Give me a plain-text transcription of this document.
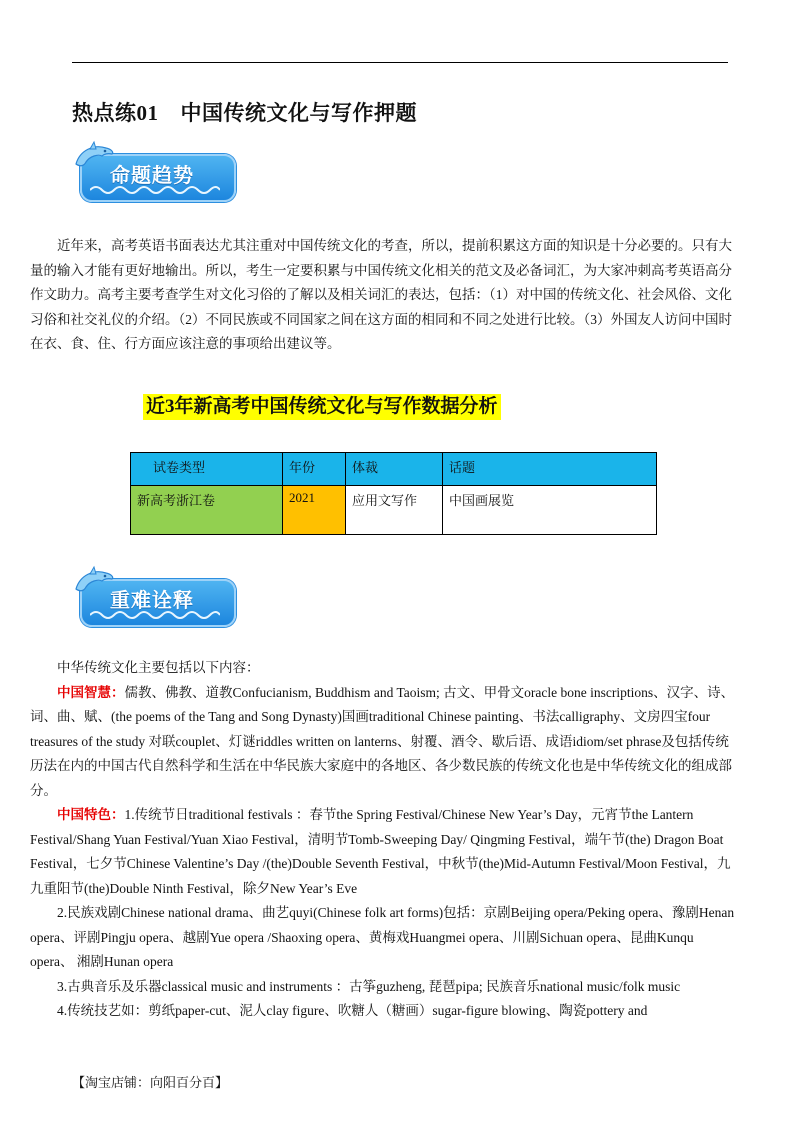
热点练01 中国传统文化与写作押题
命题趋势

近年来，高考英语书面表达尤其注重对中国传统文化的考查，所以，提前积累这方面的知识是十分必要的。只有大量的输入才能有更好地输出。所以，考生一定要积累与中国传统文化相关的范文及必备词汇，为大家冲刺高考英语高分作文助力。高考主要考查学生对文化习俗的了解以及相关词汇的表达，包括：（1）对中国的传统文化、社会风俗、文化习俗和社交礼仪的介绍。（2）不同民族或不同国家之间在这方面的相同和不同之处进行比较。（3）外国友人访问中国时在衣、食、住、行方面应该注意的事项给出建议等。

近3年新高考中国传统文化与写作数据分析
试卷类型	年份	体裁	话题
新高考浙江卷	2021	应用文写作	中国画展览
重难诠释

中华传统文化主要包括以下内容：

中国智慧：儒教、佛教、道教Confucianism, Buddhism and Taoism; 古文、甲骨文oracle bone inscriptions、汉字、诗、词、曲、赋、(the poems of the Tang and Song Dynasty)国画traditional Chinese painting、书法calligraphy、文房四宝four treasures of the study 对联couplet、灯谜riddles written on lanterns、射覆、酒令、歇后语、成语idiom/set phrase及包括传统历法在内的中国古代自然科学和生活在中华民族大家庭中的各地区、各少数民族的传统文化也是中华传统文化的组成部分。

中国特色：1.传统节日traditional festivals ：春节the Spring Festival/Chinese New Year’s Day，元宵节the Lantern Festival/Shang Yuan Festival/Yuan Xiao Festival，清明节Tomb-Sweeping Day/ Qingming Festival，端午节(the) Dragon Boat Festival，七夕节Chinese Valentine’s Day /(the)Double Seventh Festival，中秋节(the)Mid-Autumn Festival/Moon Festival，九九重阳节(the)Double Ninth Festival，除夕New Year’s Eve

2.民族戏剧Chinese national drama、曲艺quyi(Chinese folk art forms)包括：京剧Beijing opera/Peking opera、豫剧Henan opera、评剧Pingju opera、越剧Yue opera /Shaoxing opera、黄梅戏Huangmei opera、川剧Sichuan opera、昆曲Kunqu opera、 湘剧Hunan opera

3.古典音乐及乐器classical music and instruments ：古筝guzheng, 琵琶pipa; 民族音乐national music/folk music

4.传统技艺如：剪纸paper-cut、泥人clay figure、吹糖人（糖画）sugar-figure blowing、陶瓷pottery and

【淘宝店铺：向阳百分百】
